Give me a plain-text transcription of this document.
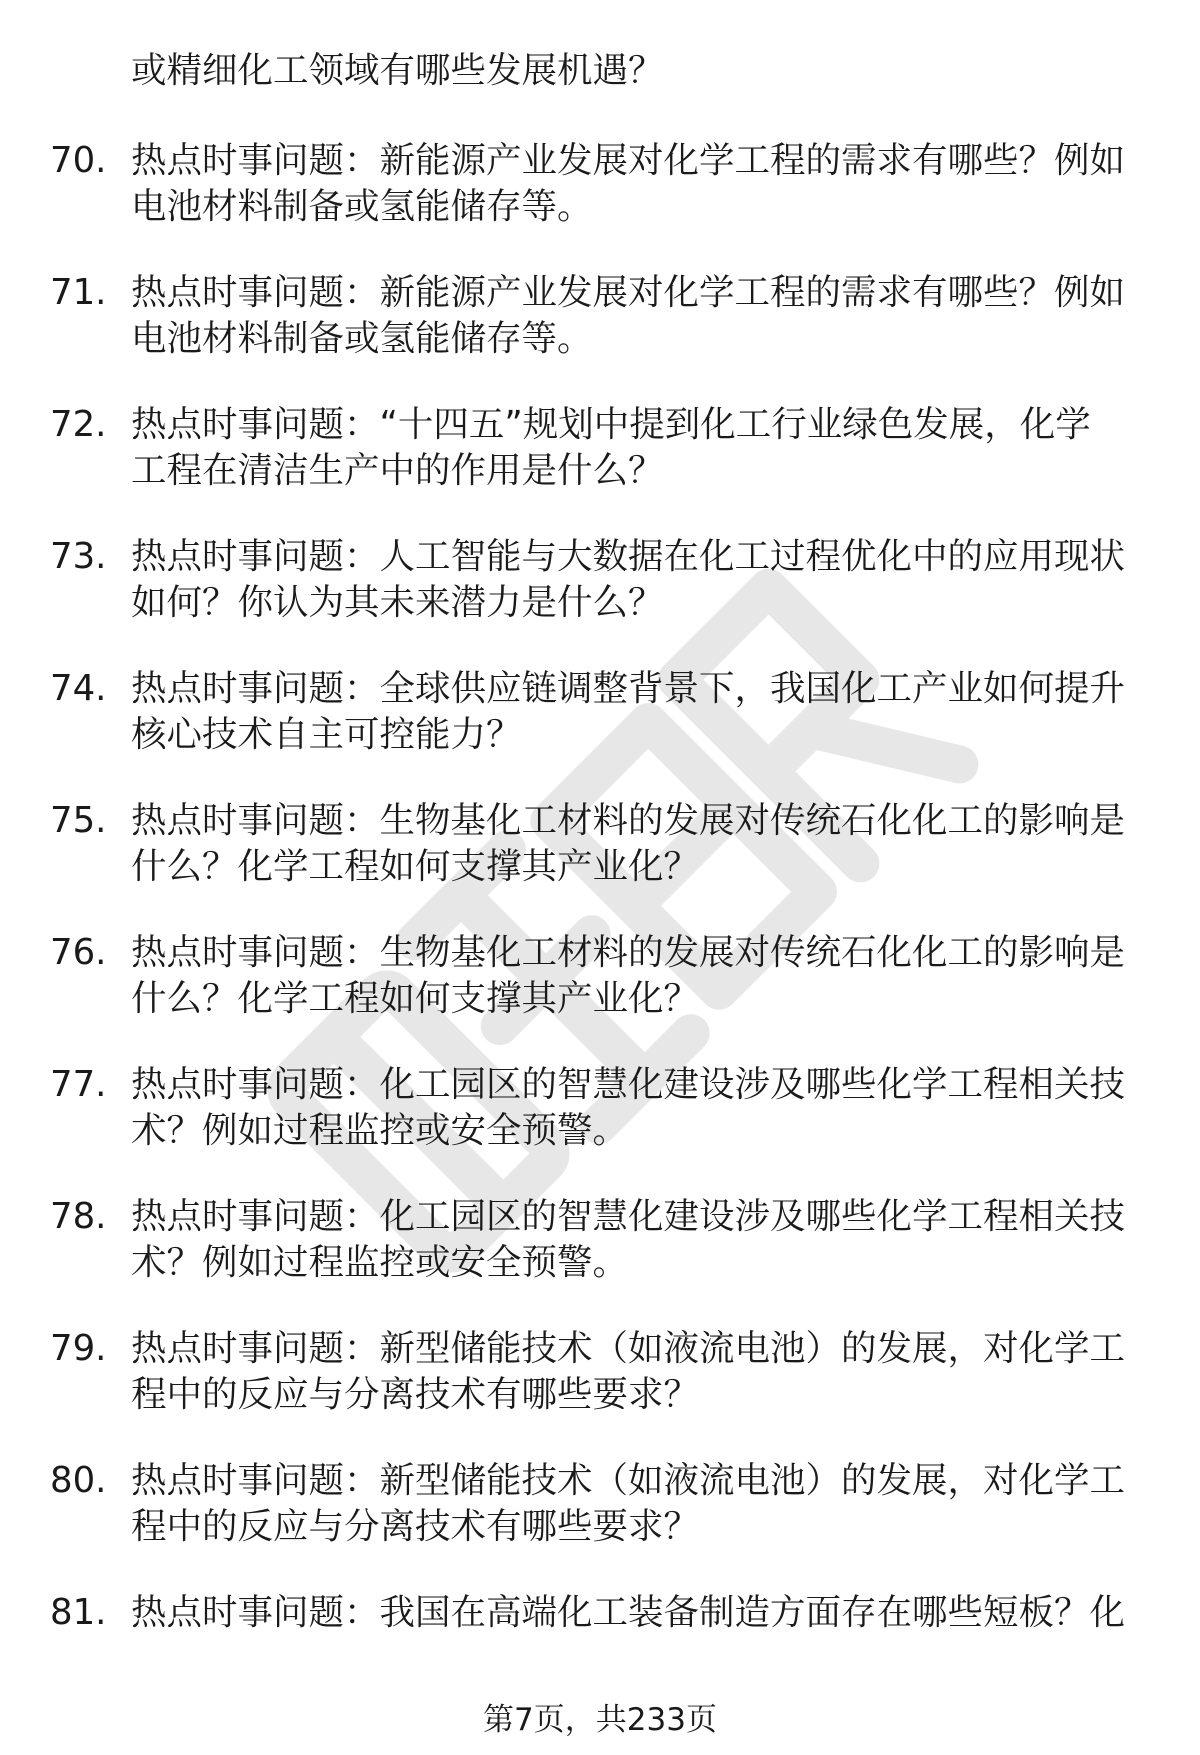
或精细化工领域有哪些发展机遇？
70. 热点时事问题：新能源产业发展对化学工程的需求有哪些？例如
电池材料制备或氢能储存等。
71. 热点时事问题：新能源产业发展对化学工程的需求有哪些？例如
电池材料制备或氢能储存等。
72. 热点时事问题：“十四五”规划中提到化工行业绿色发展，化学
工程在清洁生产中的作用是什么？
73. 热点时事问题：人工智能与大数据在化工过程优化中的应用现状
如何？你认为其未来潜力是什么？
74. 热点时事问题：全球供应链调整背景下，我国化工产业如何提升
核心技术自主可控能力？
75. 热点时事问题：生物基化工材料的发展对传统石化化工的影响是
什么？化学工程如何支撑其产业化？
76. 热点时事问题：生物基化工材料的发展对传统石化化工的影响是
什么？化学工程如何支撑其产业化？
77. 热点时事问题：化工园区的智慧化建设涉及哪些化学工程相关技
术？例如过程监控或安全预警。
78. 热点时事问题：化工园区的智慧化建设涉及哪些化学工程相关技
术？例如过程监控或安全预警。
79. 热点时事问题：新型储能技术（如液流电池）的发展，对化学工
程中的反应与分离技术有哪些要求？
80. 热点时事问题：新型储能技术（如液流电池）的发展，对化学工
程中的反应与分离技术有哪些要求？
81. 热点时事问题：我国在高端化工装备制造方面存在哪些短板？化
第7页，共233页
